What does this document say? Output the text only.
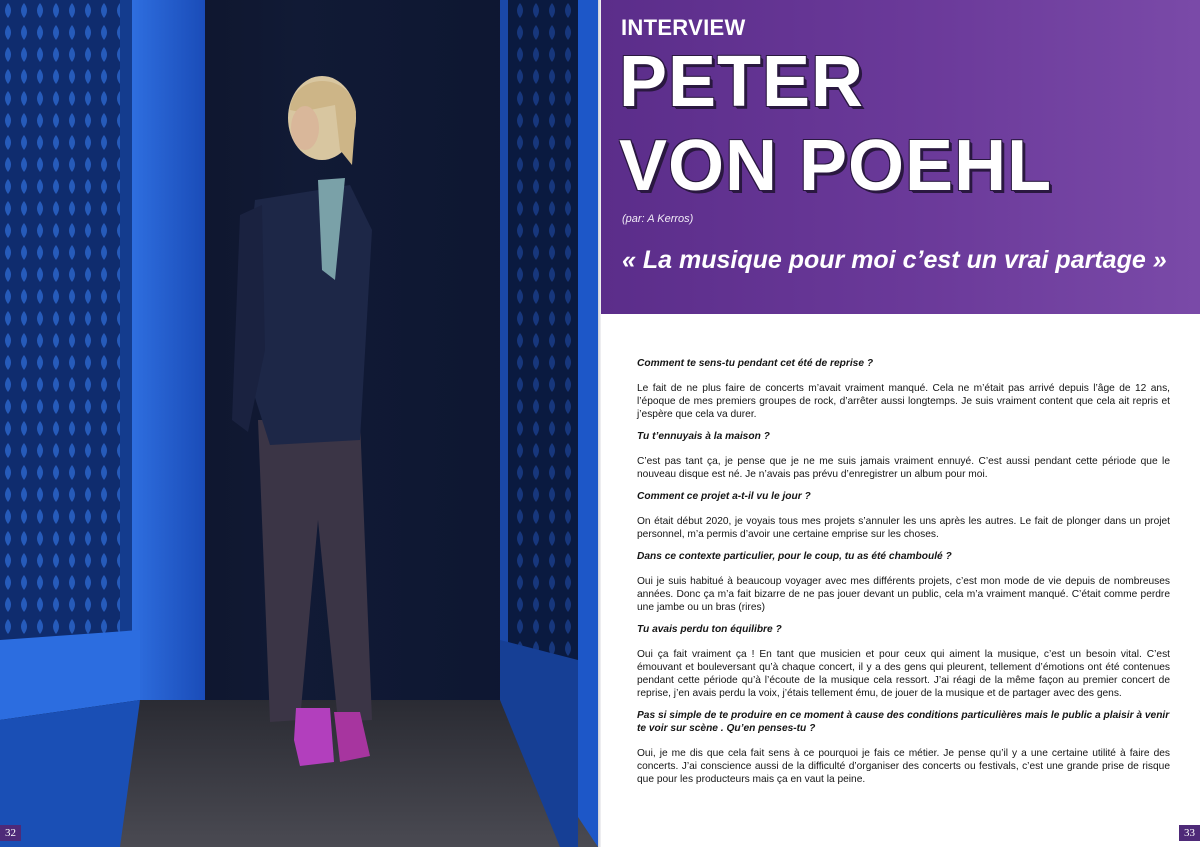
32
INTERVIEW
PETER
VON POEHL
(par: A Kerros)
« La musique pour moi c’est un vrai partage »

Comment te sens-tu pendant cet été de reprise ?

Le fait de ne plus faire de concerts m’avait vraiment manqué. Cela ne m’était pas arrivé depuis l’âge de 12 ans, l’époque de mes premiers groupes de rock, d’arrêter aussi longtemps. Je suis vraiment content que cela ait repris et j’espère que cela va durer.

Tu t’ennuyais à la maison ?

C’est pas tant ça, je pense que je ne me suis jamais vraiment ennuyé. C’est aussi pendant cette période que le nouveau disque est né. Je n’avais pas prévu d’enregistrer un album pour moi.

Comment ce projet a-t-il vu le jour ?

On était début 2020, je voyais tous mes projets s’annuler les uns après les autres. Le fait de plonger dans un projet personnel, m’a permis d’avoir une certaine emprise sur les choses.

Dans ce contexte particulier, pour le coup, tu as été chamboulé ?

Oui je suis habitué à beaucoup voyager avec mes différents projets, c’est mon mode de vie depuis de nombreuses années. Donc ça m’a fait bizarre de ne pas jouer devant un public, cela m’a vraiment manqué. C’était comme perdre une jambe ou un bras (rires)

Tu avais perdu ton équilibre ?

Oui ça fait vraiment ça ! En tant que musicien et pour ceux qui aiment la musique, c’est un besoin vital. C’est émouvant et bouleversant qu’à chaque concert, il y a des gens qui pleurent, tellement d’émotions ont été contenues pendant cette période qu’à l’écoute de la musique cela ressort. J’ai réagi de la même façon au premier concert de reprise, j’en avais perdu la voix, j’étais tellement ému, de jouer de la musique et de partager avec des gens.

Pas si simple de te produire en ce moment à cause des conditions particulières mais le public a plaisir à venir te voir sur scène . Qu’en penses-tu ?

Oui, je me dis que cela fait sens à ce pourquoi je fais ce métier. Je pense qu’il y a une certaine utilité à faire des concerts. J’ai conscience aussi de la difficulté d’organiser des concerts ou festivals, c’est une grande prise de risque que pour les producteurs mais ça en vaut la peine.

33
